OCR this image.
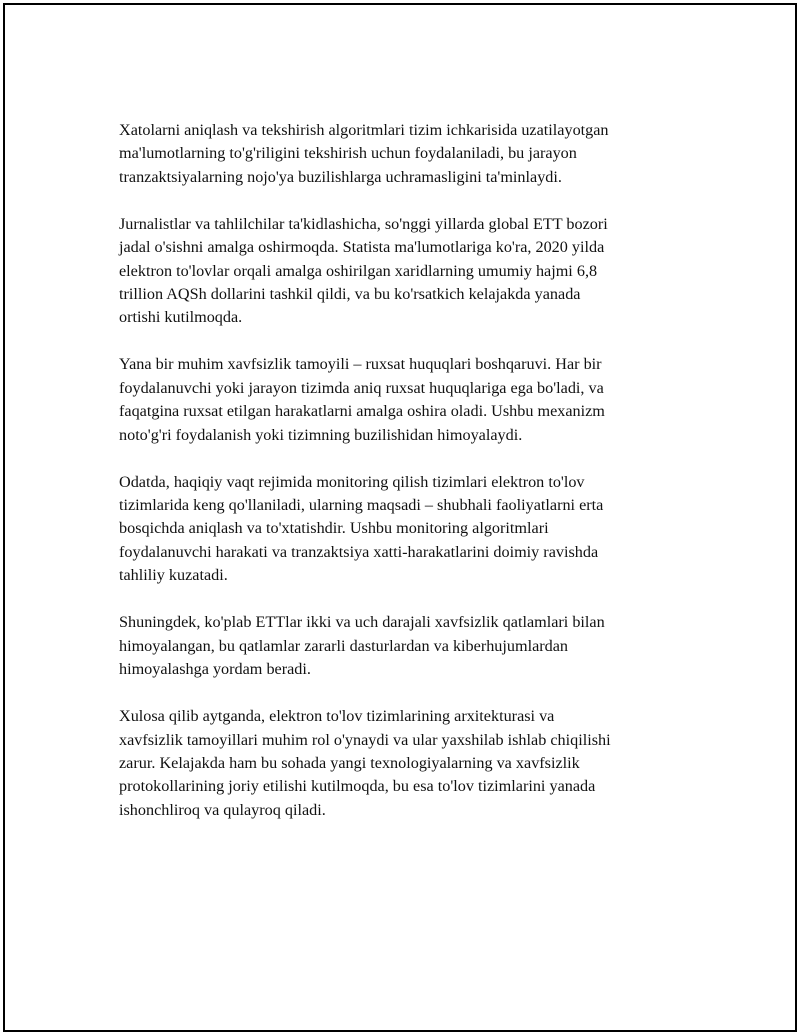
Xatolarni aniqlash va tekshirish algoritmlari tizim ichkarisida uzatilayotgan
ma'lumotlarning to'g'riligini tekshirish uchun foydalaniladi, bu jarayon
tranzaktsiyalarning nojo'ya buzilishlarga uchramasligini ta'minlaydi.

Jurnalistlar va tahlilchilar ta'kidlashicha, so'nggi yillarda global ETT bozori
jadal o'sishni amalga oshirmoqda. Statista ma'lumotlariga ko'ra, 2020 yilda
elektron to'lovlar orqali amalga oshirilgan xaridlarning umumiy hajmi 6,8
trillion AQSh dollarini tashkil qildi, va bu ko'rsatkich kelajakda yanada
ortishi kutilmoqda.

Yana bir muhim xavfsizlik tamoyili – ruxsat huquqlari boshqaruvi. Har bir
foydalanuvchi yoki jarayon tizimda aniq ruxsat huquqlariga ega bo'ladi, va
faqatgina ruxsat etilgan harakatlarni amalga oshira oladi. Ushbu mexanizm
noto'g'ri foydalanish yoki tizimning buzilishidan himoyalaydi.

Odatda, haqiqiy vaqt rejimida monitoring qilish tizimlari elektron to'lov
tizimlarida keng qo'llaniladi, ularning maqsadi – shubhali faoliyatlarni erta
bosqichda aniqlash va to'xtatishdir. Ushbu monitoring algoritmlari
foydalanuvchi harakati va tranzaktsiya xatti-harakatlarini doimiy ravishda
tahliliy kuzatadi.

Shuningdek, ko'plab ETTlar ikki va uch darajali xavfsizlik qatlamlari bilan
himoyalangan, bu qatlamlar zararli dasturlardan va kiberhujumlardan
himoyalashga yordam beradi.

Xulosa qilib aytganda, elektron to'lov tizimlarining arxitekturasi va
xavfsizlik tamoyillari muhim rol o'ynaydi va ular yaxshilab ishlab chiqilishi
zarur. Kelajakda ham bu sohada yangi texnologiyalarning va xavfsizlik
protokollarining joriy etilishi kutilmoqda, bu esa to'lov tizimlarini yanada
ishonchliroq va qulayroq qiladi.
